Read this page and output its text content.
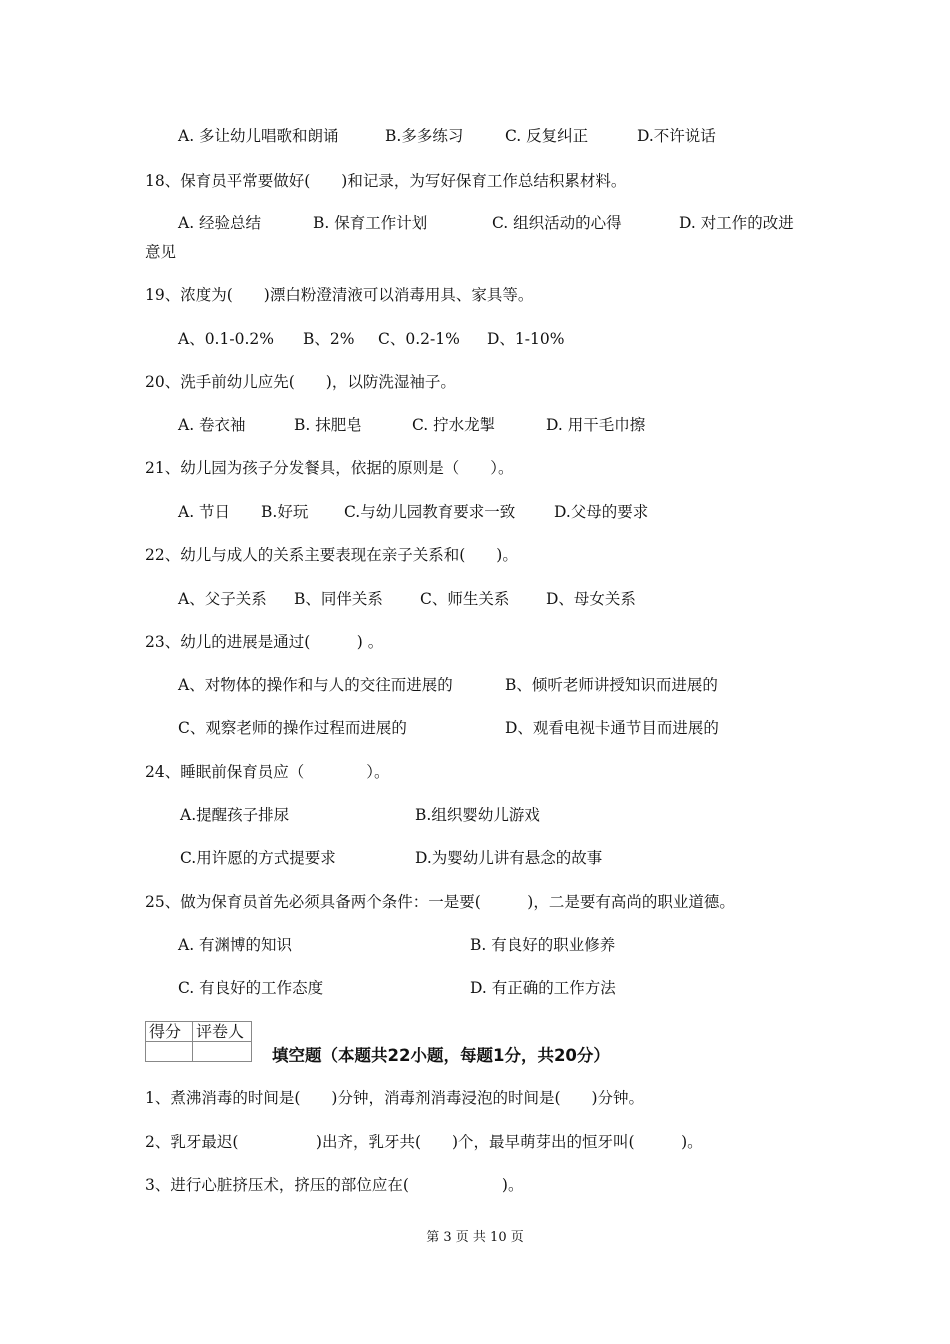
A. 多让幼儿唱歌和朗诵	B.多多练习	C. 反复纠正	D.不许说话
18、保育员平常要做好(　　)和记录，为写好保育工作总结积累材料。
A. 经验总结	B. 保育工作计划	C. 组织活动的心得	D. 对工作的改进
意见
19、浓度为(　　)漂白粉澄清液可以消毒用具、家具等。
A、0.1-0.2% B、2% C、0.2-1% D、1-10%
20、洗手前幼儿应先(　　)，以防洗湿袖子。
A. 卷衣袖	B. 抹肥皂	C. 拧水龙掣	D. 用干毛巾擦
21、幼儿园为孩子分发餐具，依据的原则是（　　）。
A. 节日 B.好玩 C.与幼儿园教育要求一致	D.父母的要求
22、幼儿与成人的关系主要表现在亲子关系和(　　)。
A、父子关系 B、同伴关系 C、师生关系 D、母女关系
23、幼儿的进展是通过(　　　) 。
A、对物体的操作和与人的交往而进展的	B、倾听老师讲授知识而进展的
C、观察老师的操作过程而进展的	D、观看电视卡通节目而进展的
24、睡眠前保育员应（　　　　）。
A.提醒孩子排尿	B.组织婴幼儿游戏
C.用许愿的方式提要求	D.为婴幼儿讲有悬念的故事
25、做为保育员首先必须具备两个条件：一是要(　　　)，二是要有高尚的职业道德。
A. 有渊博的知识	B. 有良好的职业修养
C. 有良好的工作态度	D. 有正确的工作方法
得分	评卷人

填空题（本题共22小题，每题1分，共20分）
1、煮沸消毒的时间是(　　)分钟，消毒剂消毒浸泡的时间是(　　)分钟。
2、乳牙最迟(　　　　　)出齐，乳牙共(　　)个，最早萌芽出的恒牙叫(　　　)。
3、进行心脏挤压术，挤压的部位应在(　　　　　　)。
第 3 页 共 10 页
